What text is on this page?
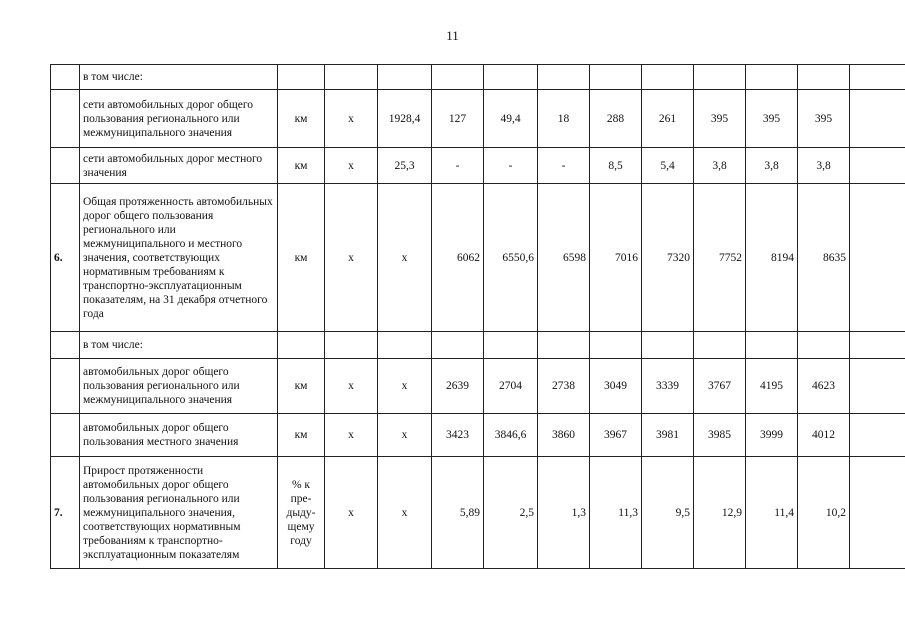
11
	в том числе:												
	сети автомобильных дорог общего пользования регионального или межмуниципального значения	км	х	1928,4	127	49,4	18	288	261	395	395	395	
	сети автомобильных дорог местного значения	км	х	25,3	-	-	-	8,5	5,4	3,8	3,8	3,8	
6.	Общая протяженность автомобильных дорог общего пользования регионального или межмуниципального и местного значения, соответствующих нормативным требованиям к транспортно-эксплуатационным показателям, на 31 декабря отчетного года	км	х	х	6062	6550,6	6598	7016	7320	7752	8194	8635	
	в том числе:												
	автомобильных дорог общего пользования регионального или межмуниципального значения	км	х	х	2639	2704	2738	3049	3339	3767	4195	4623	
	автомобильных дорог общего пользования местного значения	км	х	х	3423	3846,6	3860	3967	3981	3985	3999	4012	
7.	Прирост протяженности автомобильных дорог общего пользования регионального или межмуниципального значения, соответствующих нормативным требованиям к транспортно-эксплуатационным показателям	% к пре- дыду- щему году	х	х	5,89	2,5	1,3	11,3	9,5	12,9	11,4	10,2	
